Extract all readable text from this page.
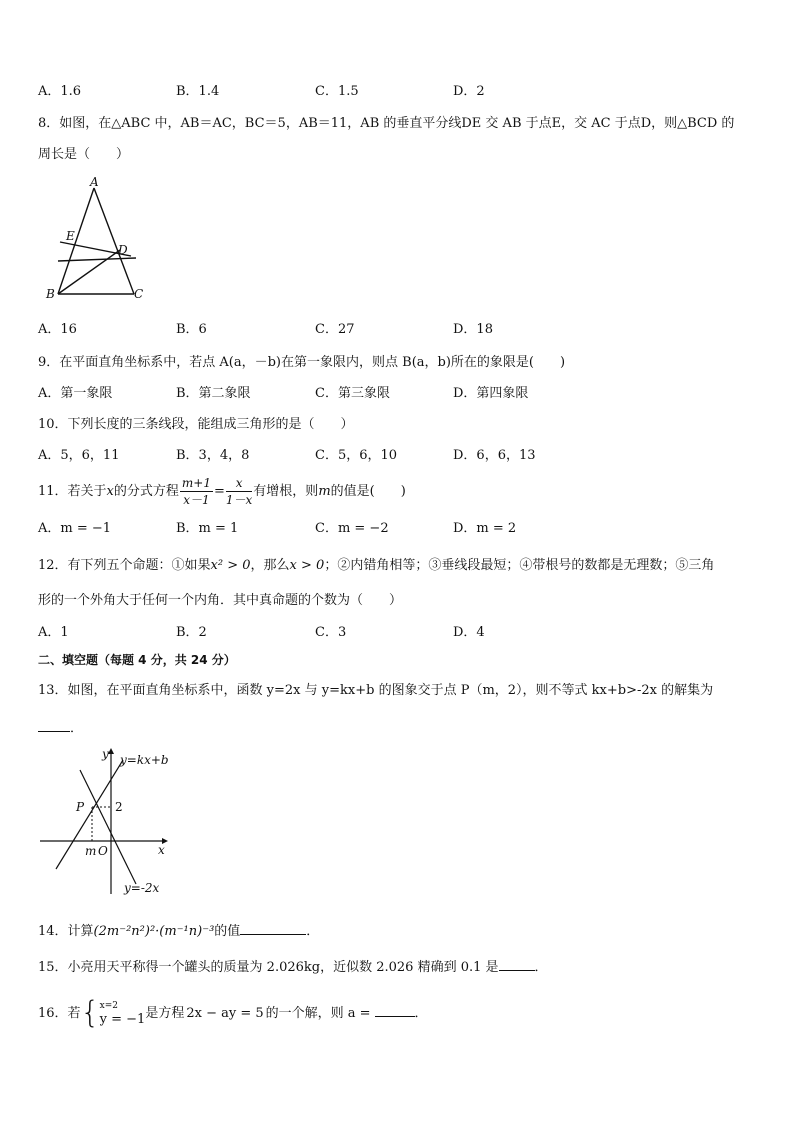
A．1.6	B．1.4	C．1.5	D．2
8．如图，在△ABC 中，AB＝AC，BC＝5，AB＝11，AB 的垂直平分线DE 交 AB 于点E，交 AC 于点D，则△BCD 的
周长是（　　）
A
E
D
B	C
A．16	B．6	C．27	D．18
9．在平面直角坐标系中，若点 A(a，－b)在第一象限内，则点 B(a，b)所在的象限是(　　)
A．第一象限	B．第二象限	C．第三象限	D．第四象限
10．下列长度的三条线段，能组成三角形的是（　　）
A．5，6，11	B．3，4，8	C．5，6，10	D．6，6，13
11．若关于x的分式方程 $\frac{m+1}{x-1} = \frac{x}{1-x}$ 有增根，则m的值是(　　)
A．m = −1	B．m = 1	C．m = −2	D．m = 2
12．有下列五个命题：①如果x² > 0，那么x > 0；②内错角相等；③垂线段最短；④带根号的数都是无理数；⑤三角
形的一个外角大于任何一个内角．其中真命题的个数为（　　）
A．1	B．2	C．3	D．4
二、填空题（每题 4 分，共 24 分）
13．如图，在平面直角坐标系中，函数 y=2x 与 y=kx+b 的图象交于点 P（m，2），则不等式 kx+b>-2x 的解集为
．
y y=kx+b
P	2
m O	x
y=-2x
14．计算(2m⁻²n²)²·(m⁻¹n)⁻³的值	．
15．小亮用天平称得一个罐头的质量为 2.026kg，近似数 2.026 精确到 0.1 是	．
16．若{ x=2
y = −1 是方程 2x − ay = 5 的一个解，则 a =	．
